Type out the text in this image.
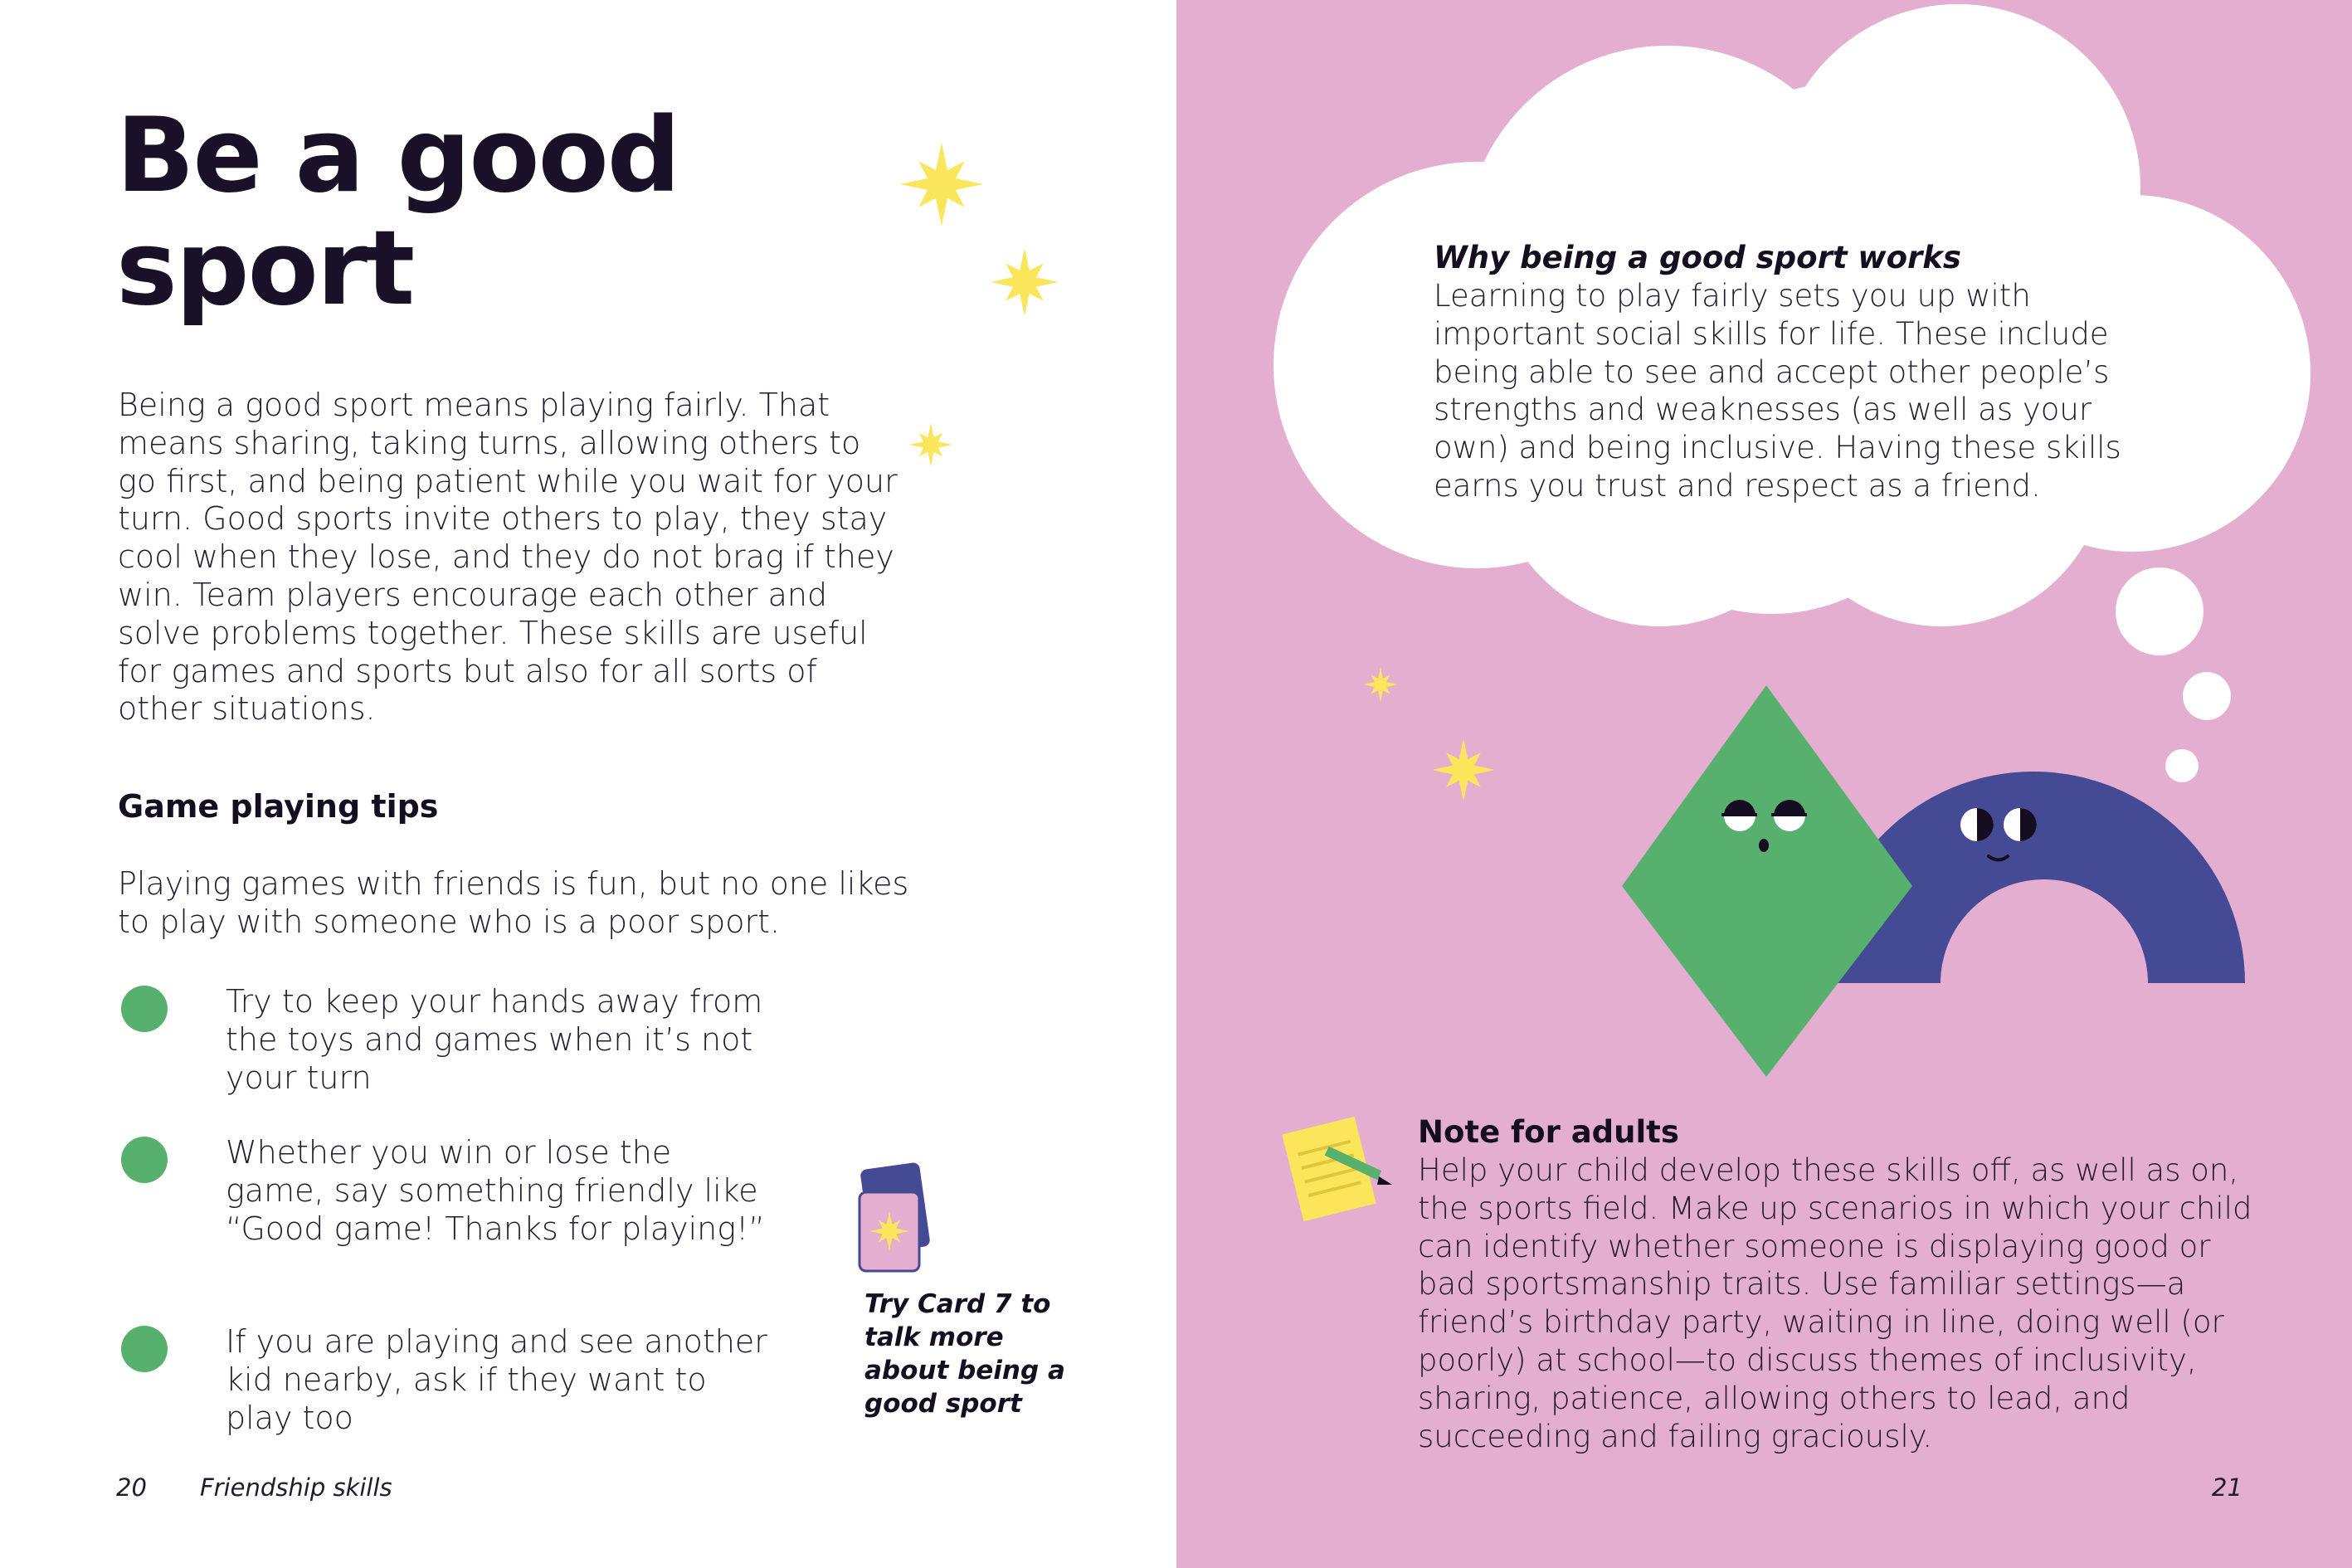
Be a good
sport

Being a good sport means playing fairly. That means sharing, taking turns, allowing others to go first, and being patient while you wait for your turn. Good sports invite others to play, they stay cool when they lose, and they do not brag if they win. Team players encourage each other and solve problems together. These skills are useful for games and sports but also for all sorts of other situations.

Game playing tips

Playing games with friends is fun, but no one likes to play with someone who is a poor sport.

Try to keep your hands away from the toys and games when it’s not your turn

Whether you win or lose the game, say something friendly like “Good game! Thanks for playing!”

If you are playing and see another kid nearby, ask if they want to play too

Try Card 7 to talk more about being a good sport

20 Friendship skills

Why being a good sport works

Learning to play fairly sets you up with important social skills for life. These include being able to see and accept other people’s strengths and weaknesses (as well as your own) and being inclusive. Having these skills earns you trust and respect as a friend.

Note for adults

Help your child develop these skills off, as well as on, the sports field. Make up scenarios in which your child can identify whether someone is displaying good or bad sportsmanship traits. Use familiar settings—a friend’s birthday party, waiting in line, doing well (or poorly) at school—to discuss themes of inclusivity, sharing, patience, allowing others to lead, and succeeding and failing graciously.

21
